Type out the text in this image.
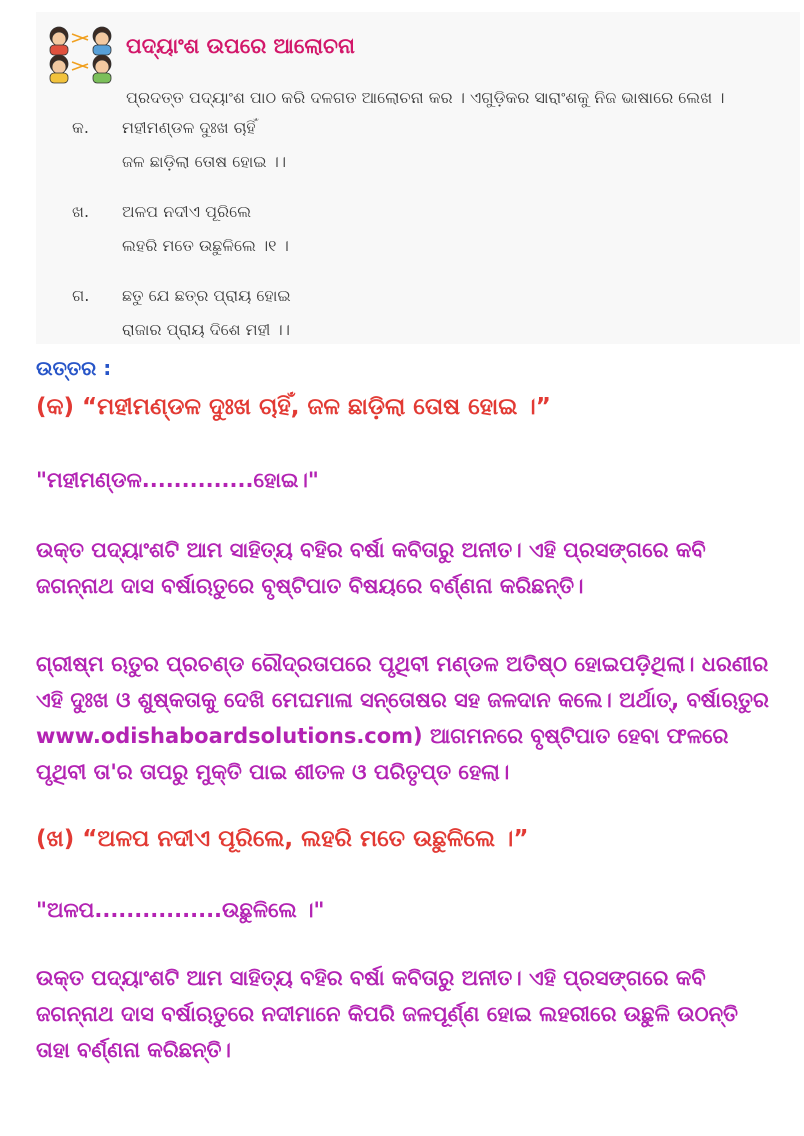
ପଦ୍ୟାଂଶ ଉପରେ ଆଲୋଚନା
ପ୍ରଦତ୍ତ ପଦ୍ୟାଂଶ ପାଠ କରି ଦଳଗତ ଆଲୋଚନା କର । ଏଗୁଡ଼ିକର ସାରାଂଶକୁ ନିଜ ଭାଷାରେ ଲେଖ ।
କ. ମହୀମଣ୍ଡଳ ଦୁଃଖ ଚାହିଁ
ଜଳ ଛାଡ଼ିଲା ତୋଷ ହୋଇ ।।
ଖ. ଅଳପ ନଦୀଏ ପୂରିଲେ
ଲହରି ମତେ ଉଛୁଳିଲେ ।୧ ।
ଗ. ଛତୁ ଯେ ଛତ୍ର ପ୍ରାୟ ହୋଇ
ରାଜାର ପ୍ରାୟ ଦିଶେ ମହୀ ।।
ଉତ୍ତର :
(କ) “ମହୀମଣ୍ଡଳ ଦୁଃଖ ଚାହିଁ, ଜଳ ଛାଡ଼ିଲା ତୋଷ ହୋଇ ।”
"ମହୀମଣ୍ଡଳ..............ହୋଇ।"

ଉକ୍ତ ପଦ୍ୟାଂଶଟି ଆମ ସାହିତ୍ୟ ବହିର ବର୍ଷା କବିତାରୁ ଅନୀତ। ଏହି ପ୍ରସଙ୍ଗରେ କବି ଜଗନ୍ନାଥ ଦାସ ବର୍ଷାଋତୁରେ ବୃଷ୍ଟିପାତ ବିଷୟରେ ବର୍ଣ୍ଣନା କରିଛନ୍ତି।

ଗ୍ରୀଷ୍ମ ଋତୁର ପ୍ରଚଣ୍ଡ ରୌଦ୍ରତାପରେ ପୃଥିବୀ ମଣ୍ଡଳ ଅତିଷ୍ଠ ହୋଇପଡ଼ିଥିଲା। ଧରଣୀର ଏହି ଦୁଃଖ ଓ ଶୁଷ୍କତାକୁ ଦେଖି ମେଘମାଳା ସନ୍ତୋଷର ସହ ଜଳଦାନ କଲେ। ଅର୍ଥାତ୍, ବର୍ଷାଋତୁର www.odishaboardsolutions.com) ଆଗମନରେ ବୃଷ୍ଟିପାତ ହେବା ଫଳରେ ପୃଥିବୀ ତା'ର ତାପରୁ ମୁକ୍ତି ପାଇ ଶୀତଳ ଓ ପରିତୃପ୍ତ ହେଲା।

(ଖ) “ଅଳପ ନଦୀଏ ପୂରିଲେ, ଲହରି ମତେ ଉଛୁଳିଲେ ।”
"ଅଳପ................ଉଛୁଳିଲେ ।"

ଉକ୍ତ ପଦ୍ୟାଂଶଟି ଆମ ସାହିତ୍ୟ ବହିର ବର୍ଷା କବିତାରୁ ଅନୀତ। ଏହି ପ୍ରସଙ୍ଗରେ କବି ଜଗନ୍ନାଥ ଦାସ ବର୍ଷାଋତୁରେ ନଦୀମାନେ କିପରି ଜଳପୂର୍ଣ୍ଣ ହୋଇ ଲହରୀରେ ଉଛୁଳି ଉଠନ୍ତି ତାହା ବର୍ଣ୍ଣନା କରିଛନ୍ତି।
